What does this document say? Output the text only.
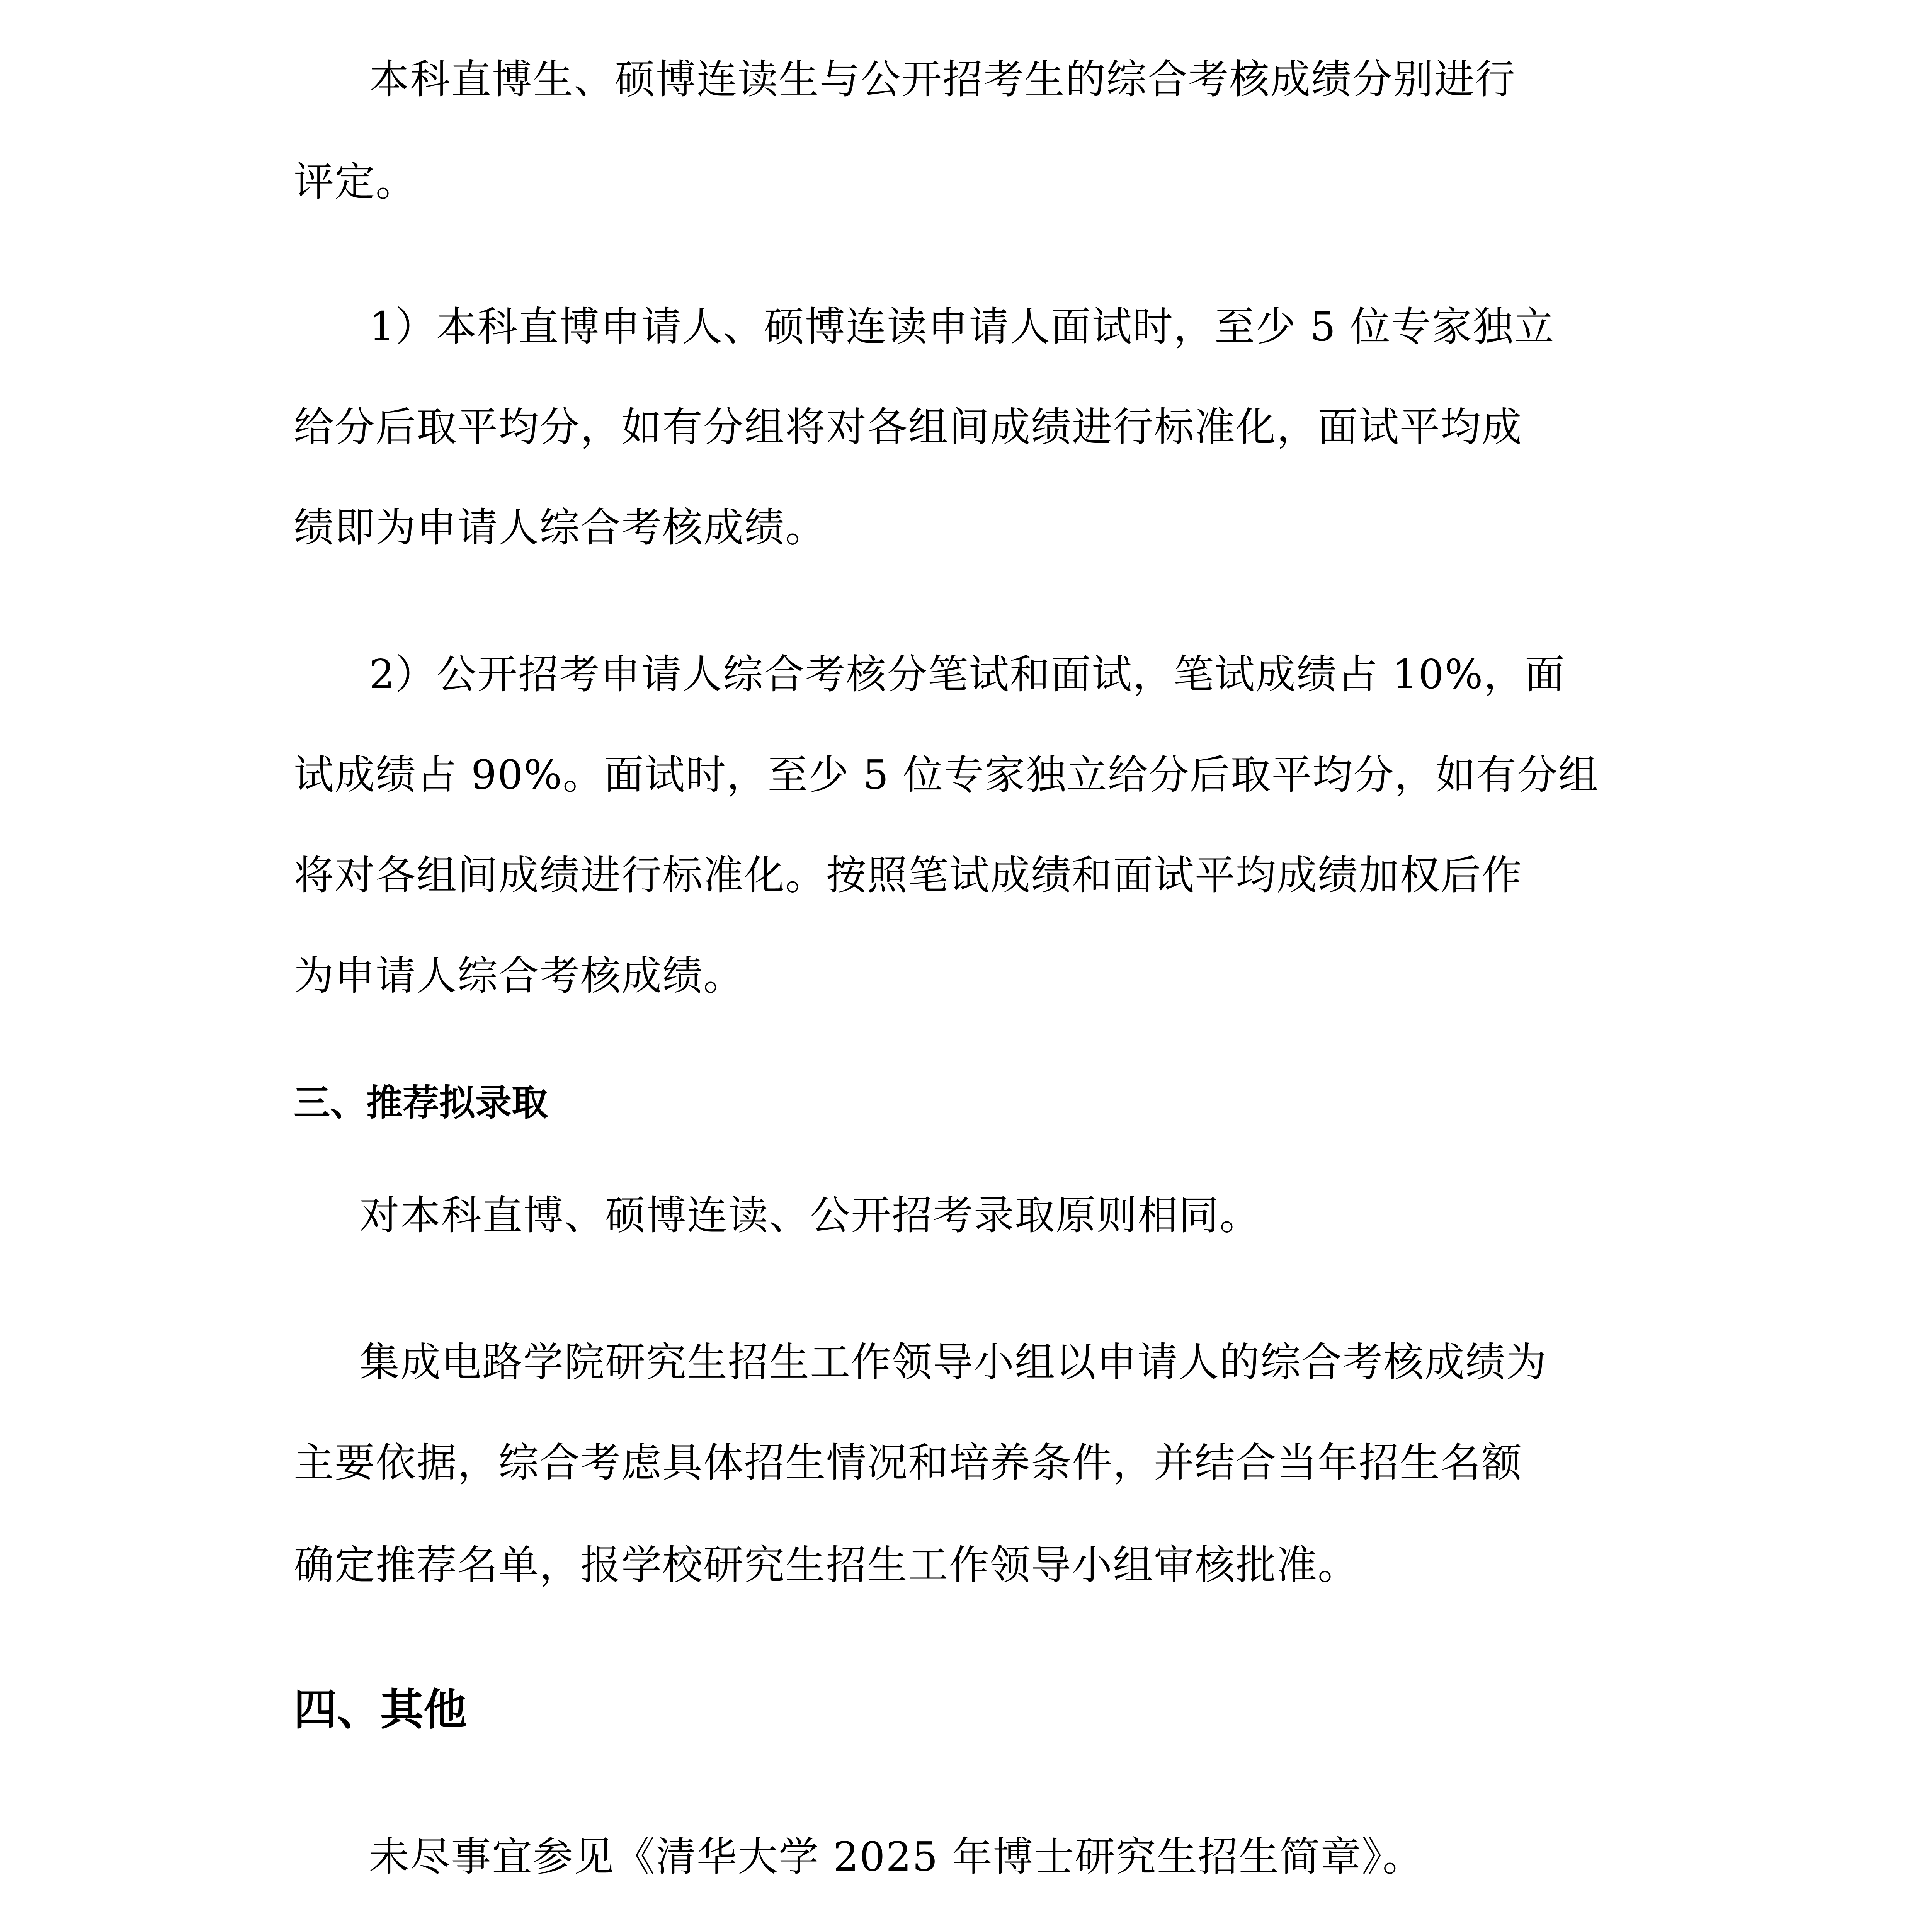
本科直博生、硕博连读生与公开招考生的综合考核成绩分别进行
评定。
1）本科直博申请人、硕博连读申请人面试时，至少 5 位专家独立
给分后取平均分，如有分组将对各组间成绩进行标准化，面试平均成
绩即为申请人综合考核成绩。
2）公开招考申请人综合考核分笔试和面试，笔试成绩占 10%，面
试成绩占 90%。面试时，至少 5 位专家独立给分后取平均分，如有分组
将对各组间成绩进行标准化。按照笔试成绩和面试平均成绩加权后作
为申请人综合考核成绩。
三、推荐拟录取
对本科直博、硕博连读、公开招考录取原则相同。
集成电路学院研究生招生工作领导小组以申请人的综合考核成绩为
主要依据，综合考虑具体招生情况和培养条件，并结合当年招生名额
确定推荐名单，报学校研究生招生工作领导小组审核批准。
四、其他
未尽事宜参见《清华大学 2025 年博士研究生招生简章》。
